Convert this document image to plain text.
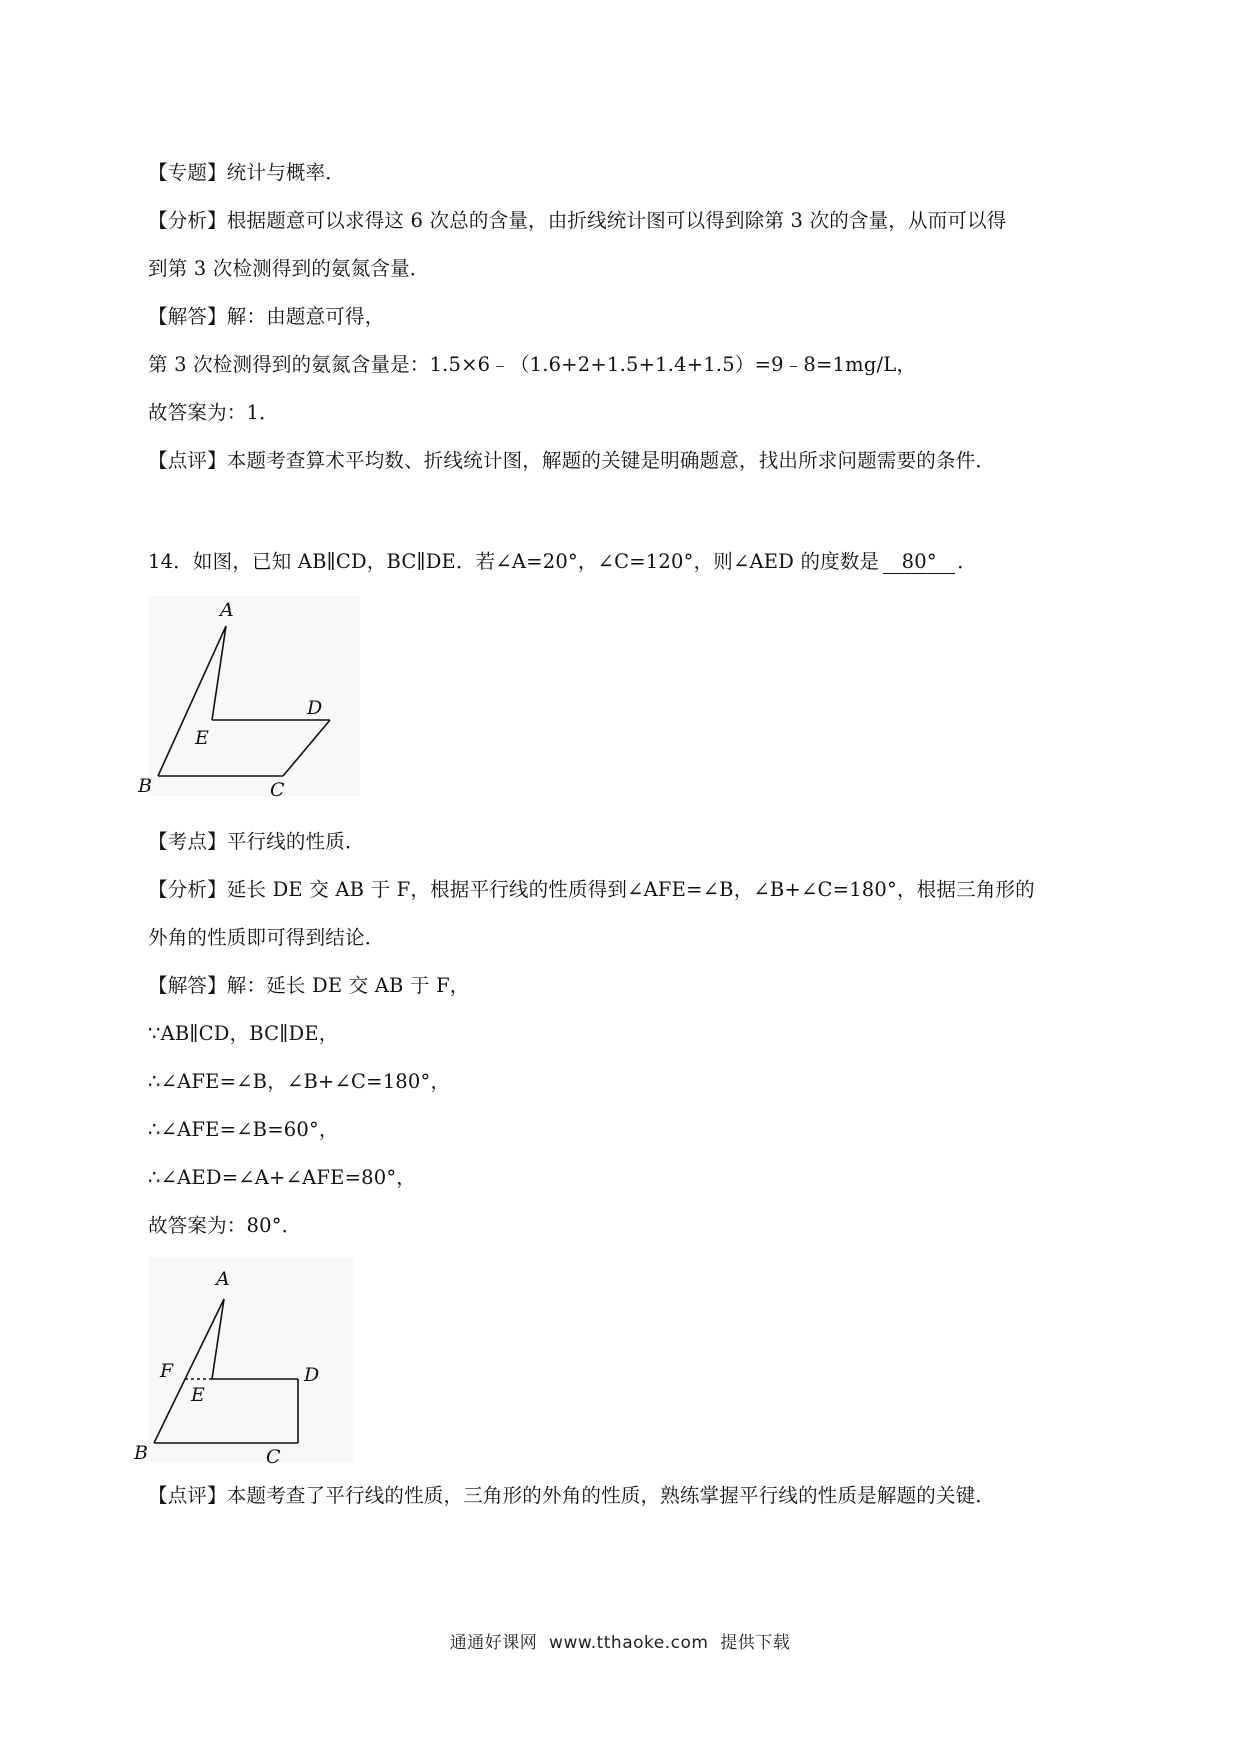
【专题】统计与概率．
【分析】根据题意可以求得这 6 次总的含量，由折线统计图可以得到除第 3 次的含量，从而可以得
到第 3 次检测得到的氨氮含量．
【解答】解：由题意可得，
第 3 次检测得到的氨氮含量是：1.5×6﹣（1.6+2+1.5+1.4+1.5）=9﹣8=1mg/L，
故答案为：1．
【点评】本题考查算术平均数、折线统计图，解题的关键是明确题意，找出所求问题需要的条件．
14．如图，已知 AB∥CD，BC∥DE．若∠A=20°，∠C=120°，则∠AED 的度数是 80° ．
A
E
D
B	C
【考点】平行线的性质．
【分析】延长 DE 交 AB 于 F，根据平行线的性质得到∠AFE=∠B，∠B+∠C=180°，根据三角形的
外角的性质即可得到结论．
【解答】解：延长 DE 交 AB 于 F，
∵AB∥CD，BC∥DE，
∴∠AFE=∠B，∠B+∠C=180°，
∴∠AFE=∠B=60°，
∴∠AED=∠A+∠AFE=80°，
故答案为：80°．
A
F
E
D
B	C
【点评】本题考查了平行线的性质，三角形的外角的性质，熟练掌握平行线的性质是解题的关键．
通通好课网  www.tthaoke.com  提供下载
